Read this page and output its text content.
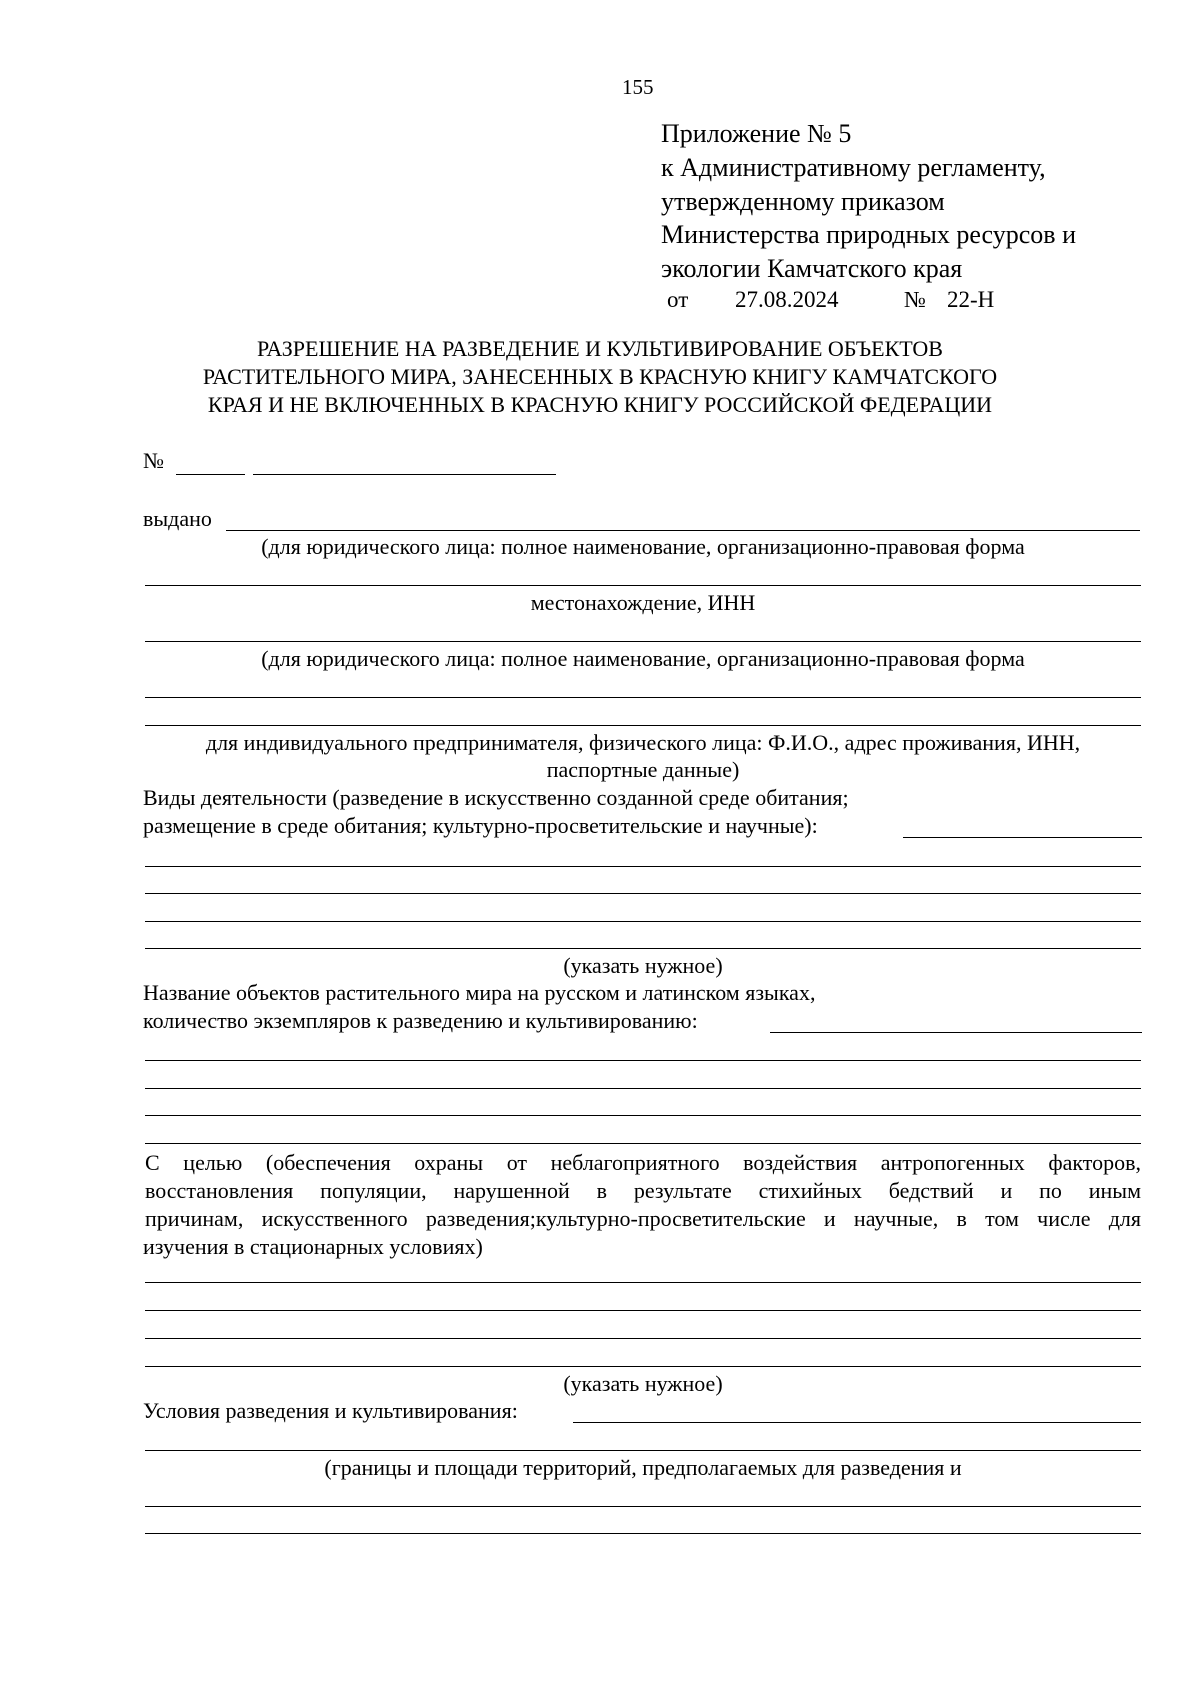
155
Приложение № 5
к Административному регламенту,
утвержденному приказом
Министерства природных ресурсов и
экологии Камчатского края
от 27.08.2024	№ 22-Н
РАЗРЕШЕНИЕ НА РАЗВЕДЕНИЕ И КУЛЬТИВИРОВАНИЕ ОБЪЕКТОВ
РАСТИТЕЛЬНОГО МИРА, ЗАНЕСЕННЫХ В КРАСНУЮ КНИГУ КАМЧАТСКОГО
КРАЯ И НЕ ВКЛЮЧЕННЫХ В КРАСНУЮ КНИГУ РОССИЙСКОЙ ФЕДЕРАЦИИ
№
выдано
(для юридического лица: полное наименование, организационно-правовая форма
местонахождение, ИНН
(для юридического лица: полное наименование, организационно-правовая форма
для индивидуального предпринимателя, физического лица: Ф.И.О., адрес проживания, ИНН,
паспортные данные)
Виды деятельности (разведение в искусственно созданной среде обитания;
размещение в среде обитания; культурно-просветительские и научные):
(указать нужное)
Название объектов растительного мира на русском и латинском языках,
количество экземпляров к разведению и культивированию:
С целью (обеспечения охраны от неблагоприятного воздействия антропогенных факторов,
восстановления популяции, нарушенной в результате стихийных бедствий и по иным
причинам, искусственного разведения;культурно-просветительские и научные, в том числе для
изучения в стационарных условиях)
(указать нужное)
Условия разведения и культивирования:
(границы и площади территорий, предполагаемых для разведения и
